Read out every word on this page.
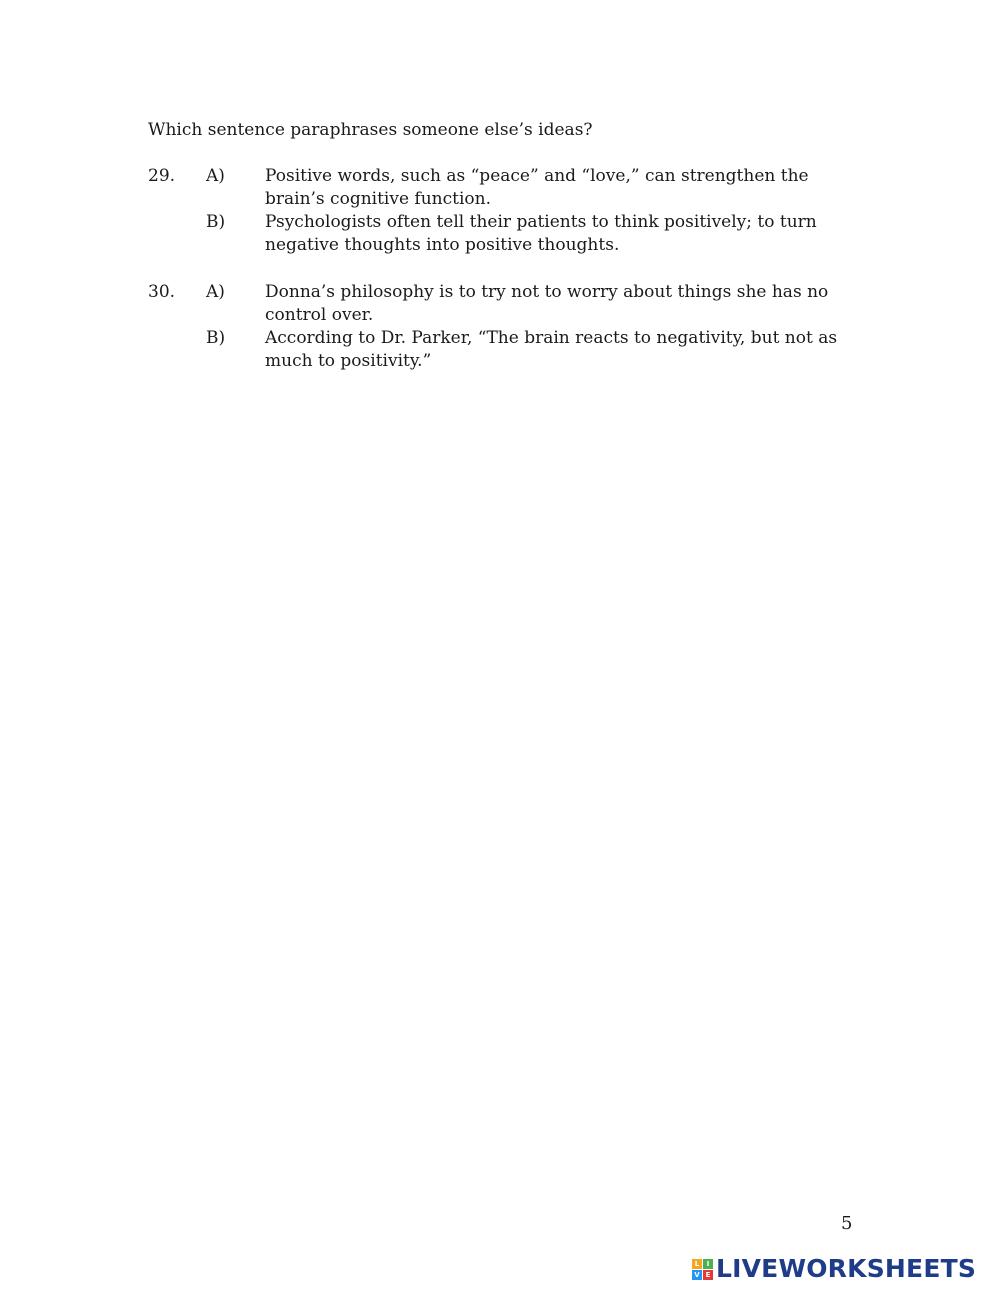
Which sentence paraphrases someone else’s ideas?
29. A) Positive words, such as “peace” and “love,” can strengthen the brain’s cognitive function.
B) Psychologists often tell their patients to think positively; to turn negative thoughts into positive thoughts.
30. A) Donna’s philosophy is to try not to worry about things she has no control over.
B) According to Dr. Parker, “The brain reacts to negativity, but not as much to positivity.”
5
L	I
V E LIVEWORKSHEETS
